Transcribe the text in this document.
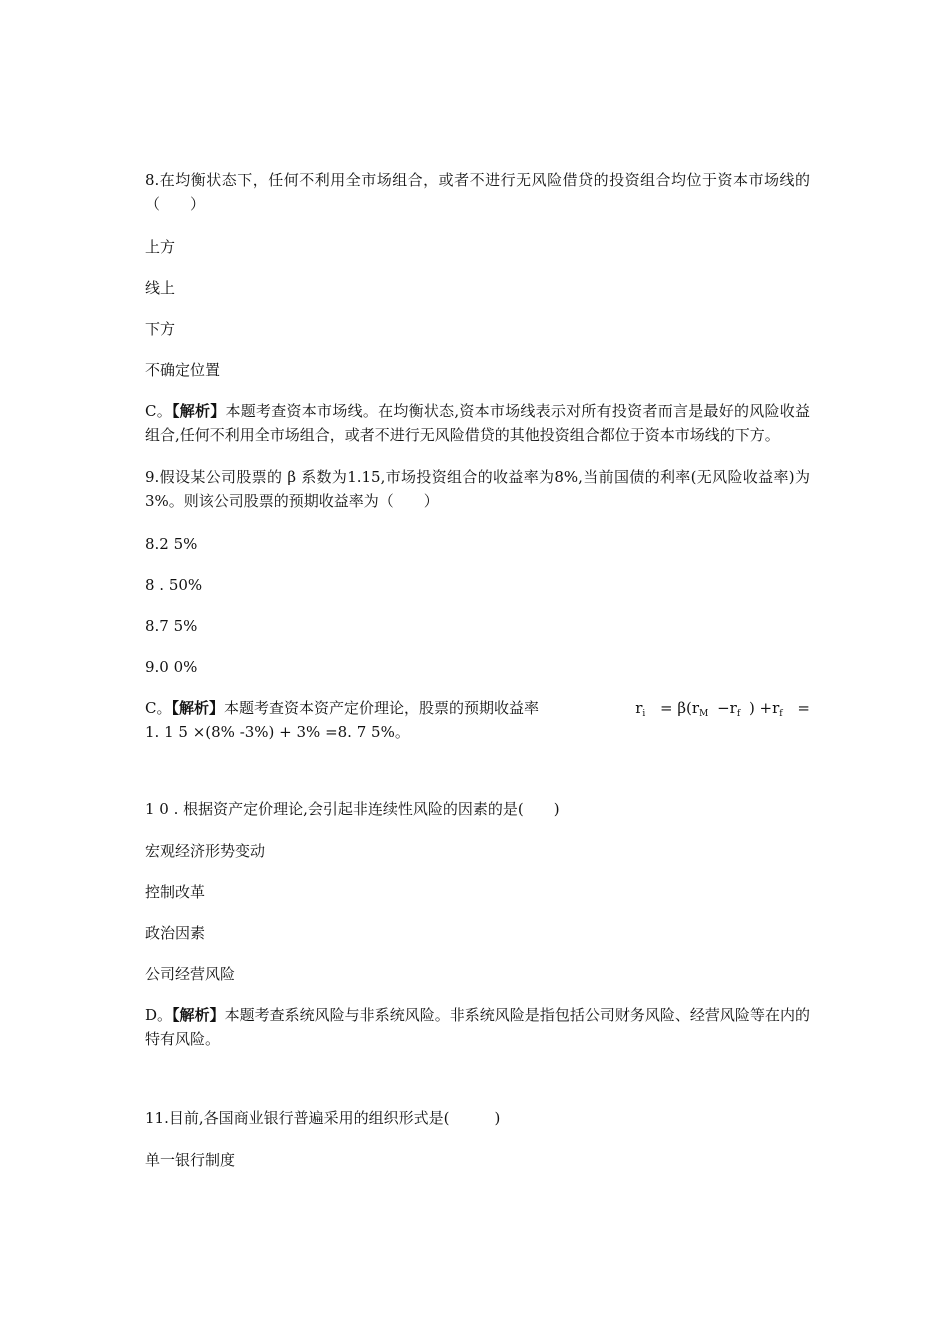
8.在均衡状态下，任何不利用全市场组合，或者不进行无风险借贷的投资组合均位于资本市场线的（　　）

上方

线上

下方

不确定位置

C。【解析】本题考查资本市场线。在均衡状态,资本市场线表示对所有投资者而言是最好的风险收益组合,任何不利用全市场组合，或者不进行无风险借贷的其他投资组合都位于资本市场线的下方。

9.假设某公司股票的 β 系数为1.15,市场投资组合的收益率为8%,当前国债的利率(无风险收益率)为3%。则该公司股票的预期收益率为（　　）

8.2 5%

8 . 50%

8.7 5%

9.0 0%

C。【解析】本题考查资本资产定价理论，股票的预期收益率	$r_i = \beta(r_M -r_f$ ) $+r_f$ =
1. 1 5 ×(8% -3%) + 3% =8. 7 5%。

1 0 . 根据资产定价理论,会引起非连续性风险的因素的是(　　)

宏观经济形势变动

控制改革

政治因素

公司经营风险

D。【解析】本题考查系统风险与非系统风险。非系统风险是指包括公司财务风险、经营风险等在内的特有风险。

11.目前,各国商业银行普遍采用的组织形式是(　　　)

单一银行制度
